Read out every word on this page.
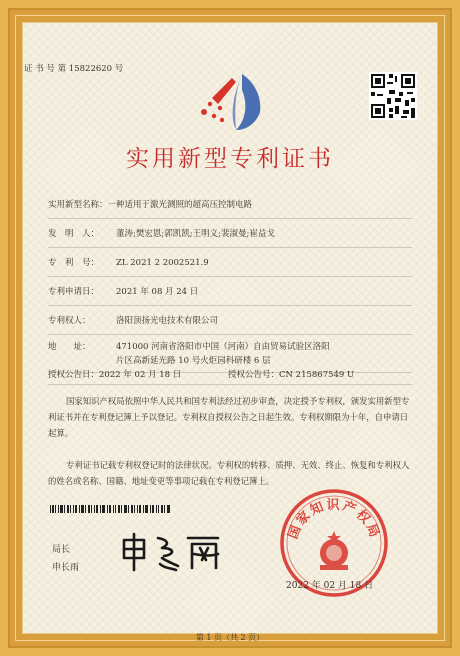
证 书 号 第 15822620 号
实用新型专利证书
实用新型名称：一种适用于激光测照的超高压控制电路
发　明　人： 董涛;樊宏恩;郭凯凯;王明义;裴淑曼;崔益戈
专　利　号： ZL 2021 2 2002521.9
专利申请日： 2021 年 08 月 24 日
专利权人：	洛阳顶扬光电技术有限公司
地　　址：	471000 河南省洛阳市中国（河南）自由贸易试验区洛阳
片区高新延光路 10 号火炬园科研楼 6 层
授权公告日：2022 年 02 月 18 日	授权公告号：CN 215867549 U
国家知识产权局依照中华人民共和国专利法经过初步审查，决定授予专利权，颁发实用新型专利证书并在专利登记簿上予以登记。专利权自授权公告之日起生效。专利权期限为十年，自申请日起算。
专利证书记载专利权登记时的法律状况。专利权的转移、质押、无效、终止、恢复和专利权人的姓名或名称、国籍、地址变更等事项记载在专利登记簿上。
局长
申长雨
国家知识产权局
2022 年 02 月 18 日
第 1 页（共 2 页）
